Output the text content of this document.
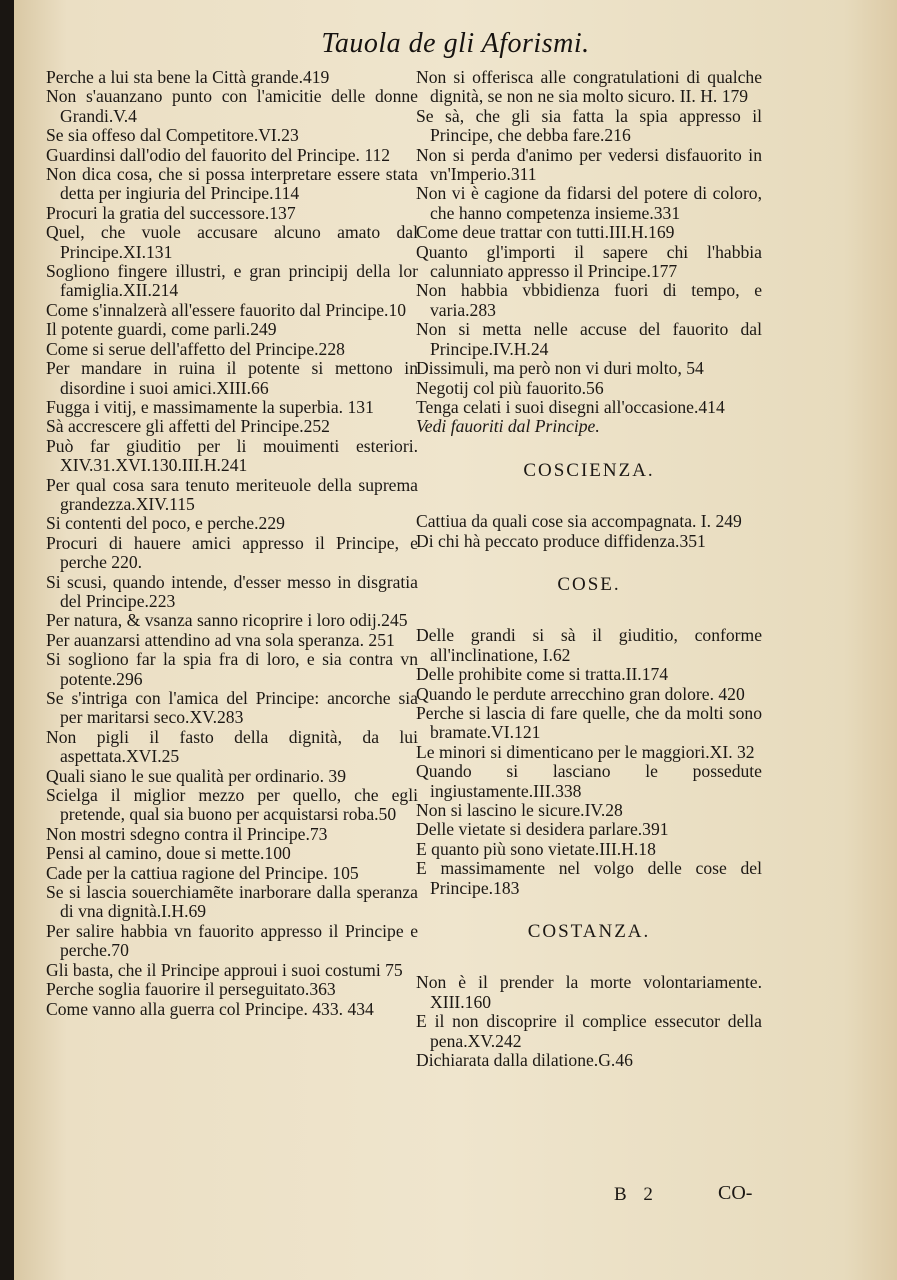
Tauola de gli Aforismi.
Perche a lui sta bene la Città grande.419
Non s'auanzano punto con l'amicitie delle donne Grandi.V.4
Se sia offeso dal Competitore.VI.23
Guardinsi dall'odio del fauorito del Principe. 112
Non dica cosa, che si possa interpretare essere stata detta per ingiuria del Principe.114
Procuri la gratia del successore.137
Quel, che vuole accusare alcuno amato dal Principe.XI.131
Sogliono fingere illustri, e gran principij della lor famiglia.XII.214
Come s'innalzerà all'essere fauorito dal Principe.10
Il potente guardi, come parli.249
Come si serue dell'affetto del Principe.228
Per mandare in ruina il potente si mettono in disordine i suoi amici.XIII.66
Fugga i vitij, e massimamente la superbia. 131
Sà accrescere gli affetti del Principe.252
Può far giuditio per li mouimenti esteriori. XIV.31.XVI.130.III.H.241
Per qual cosa sara tenuto meriteuole della suprema grandezza.XIV.115
Si contenti del poco, e perche.229
Procuri di hauere amici appresso il Principe, e perche 220.
Si scusi, quando intende, d'esser messo in disgratia del Principe.223
Per natura, & vsanza sanno ricoprire i loro odij.245
Per auanzarsi attendino ad vna sola speranza. 251
Si sogliono far la spia fra di loro, e sia contra vn potente.296
Se s'intriga con l'amica del Principe: ancorche sia per maritarsi seco.XV.283
Non pigli il fasto della dignità, da lui aspettata.XVI.25
Quali siano le sue qualità per ordinario. 39
Scielga il miglior mezzo per quello, che egli pretende, qual sia buono per acquistarsi roba.50
Non mostri sdegno contra il Principe.73
Pensi al camino, doue si mette.100
Cade per la cattiua ragione del Principe. 105
Se si lascia souerchiamẽte inarborare dalla speranza di vna dignità.I.H.69
Per salire habbia vn fauorito appresso il Principe e perche.70
Gli basta, che il Principe approui i suoi costumi 75
Perche soglia fauorire il perseguitato.363
Come vanno alla guerra col Principe. 433. 434
Non si offerisca alle congratulationi di qualche dignità, se non ne sia molto sicuro. II. H. 179
Se sà, che gli sia fatta la spia appresso il Principe, che debba fare.216
Non si perda d'animo per vedersi disfauorito in vn'Imperio.311
Non vi è cagione da fidarsi del potere di coloro, che hanno competenza insieme.331
Come deue trattar con tutti.III.H.169
Quanto gl'importi il sapere chi l'habbia calunniato appresso il Principe.177
Non habbia vbbidienza fuori di tempo, e varia.283
Non si metta nelle accuse del fauorito dal Principe.IV.H.24
Dissimuli, ma però non vi duri molto, 54
Negotij col più fauorito.56
Tenga celati i suoi disegni all'occasione.414
Vedi fauoriti dal Principe.
COSCIENZA.
Cattiua da quali cose sia accompagnata. I. 249
Di chi hà peccato produce diffidenza.351
COSE.
Delle grandi si sà il giuditio, conforme all'inclinatione, I.62
Delle prohibite come si tratta.II.174
Quando le perdute arrecchino gran dolore. 420
Perche si lascia di fare quelle, che da molti sono bramate.VI.121
Le minori si dimenticano per le maggiori.XI. 32
Quando si lasciano le possedute ingiustamente.III.338
Non si lascino le sicure.IV.28
Delle vietate si desidera parlare.391
E quanto più sono vietate.III.H.18
E massimamente nel volgo delle cose del Principe.183
COSTANZA.
Non è il prender la morte volontariamente. XIII.160
E il non discoprire il complice essecutor della pena.XV.242
Dichiarata dalla dilatione.G.46
B 2	CO-
